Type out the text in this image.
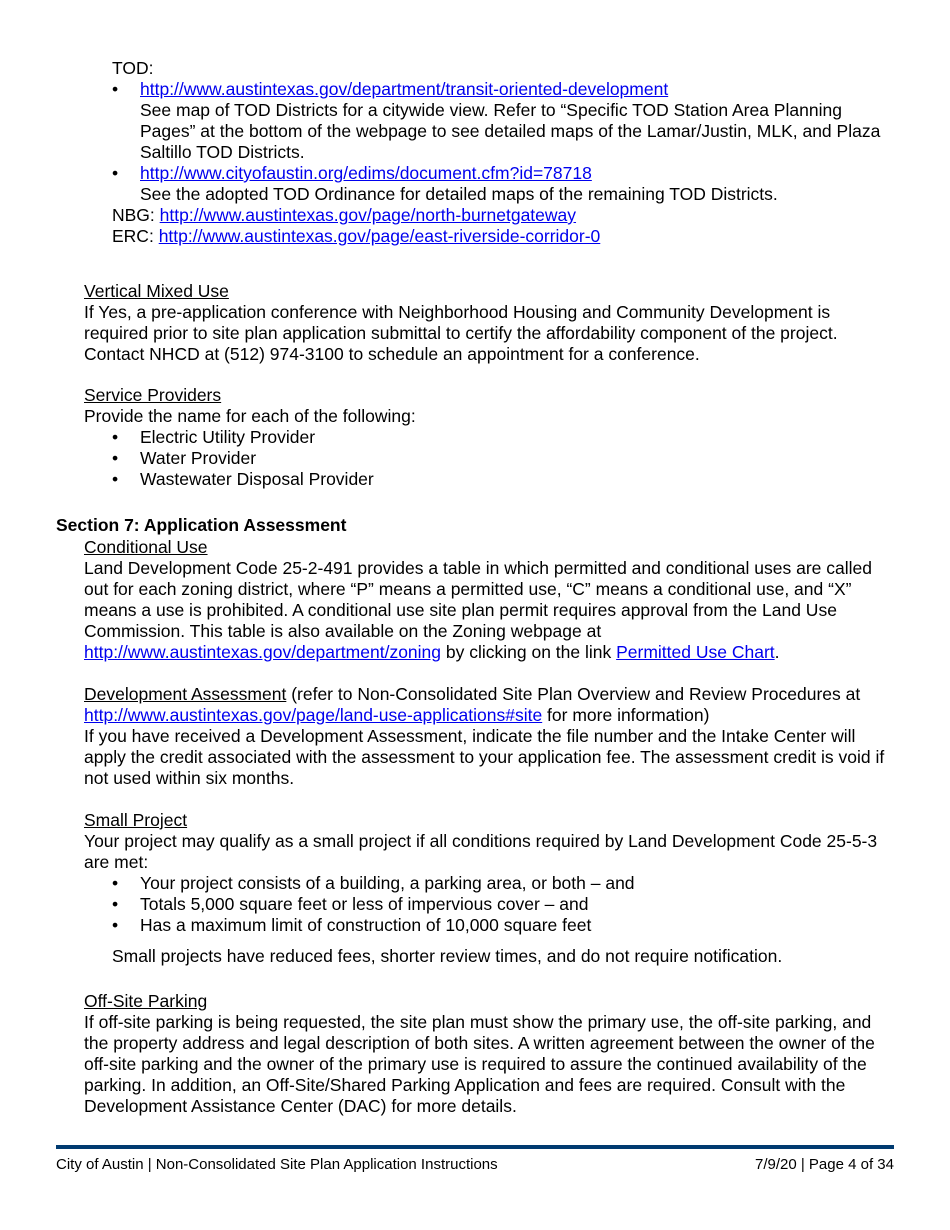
TOD:
• http://www.austintexas.gov/department/transit-oriented-development
See map of TOD Districts for a citywide view. Refer to “Specific TOD Station Area Planning Pages” at the bottom of the webpage to see detailed maps of the Lamar/Justin, MLK, and Plaza Saltillo TOD Districts.
• http://www.cityofaustin.org/edims/document.cfm?id=78718
See the adopted TOD Ordinance for detailed maps of the remaining TOD Districts.
NBG: http://www.austintexas.gov/page/north-burnetgateway
ERC: http://www.austintexas.gov/page/east-riverside-corridor-0
Vertical Mixed Use
If Yes, a pre-application conference with Neighborhood Housing and Community Development is required prior to site plan application submittal to certify the affordability component of the project. Contact NHCD at (512) 974-3100 to schedule an appointment for a conference.
Service Providers
Provide the name for each of the following:
• Electric Utility Provider
• Water Provider
• Wastewater Disposal Provider
Section 7: Application Assessment
Conditional Use
Land Development Code 25-2-491 provides a table in which permitted and conditional uses are called out for each zoning district, where “P” means a permitted use, “C” means a conditional use, and “X” means a use is prohibited. A conditional use site plan permit requires approval from the Land Use Commission. This table is also available on the Zoning webpage at http://www.austintexas.gov/department/zoning by clicking on the link Permitted Use Chart.
Development Assessment (refer to Non-Consolidated Site Plan Overview and Review Procedures at http://www.austintexas.gov/page/land-use-applications#site for more information)
If you have received a Development Assessment, indicate the file number and the Intake Center will apply the credit associated with the assessment to your application fee. The assessment credit is void if not used within six months.
Small Project
Your project may qualify as a small project if all conditions required by Land Development Code 25-5-3 are met:
• Your project consists of a building, a parking area, or both – and
• Totals 5,000 square feet or less of impervious cover – and
• Has a maximum limit of construction of 10,000 square feet
Small projects have reduced fees, shorter review times, and do not require notification.
Off-Site Parking
If off-site parking is being requested, the site plan must show the primary use, the off-site parking, and the property address and legal description of both sites. A written agreement between the owner of the off-site parking and the owner of the primary use is required to assure the continued availability of the parking. In addition, an Off-Site/Shared Parking Application and fees are required. Consult with the Development Assistance Center (DAC) for more details.
City of Austin | Non-Consolidated Site Plan Application Instructions	7/9/20 | Page 4 of 34
